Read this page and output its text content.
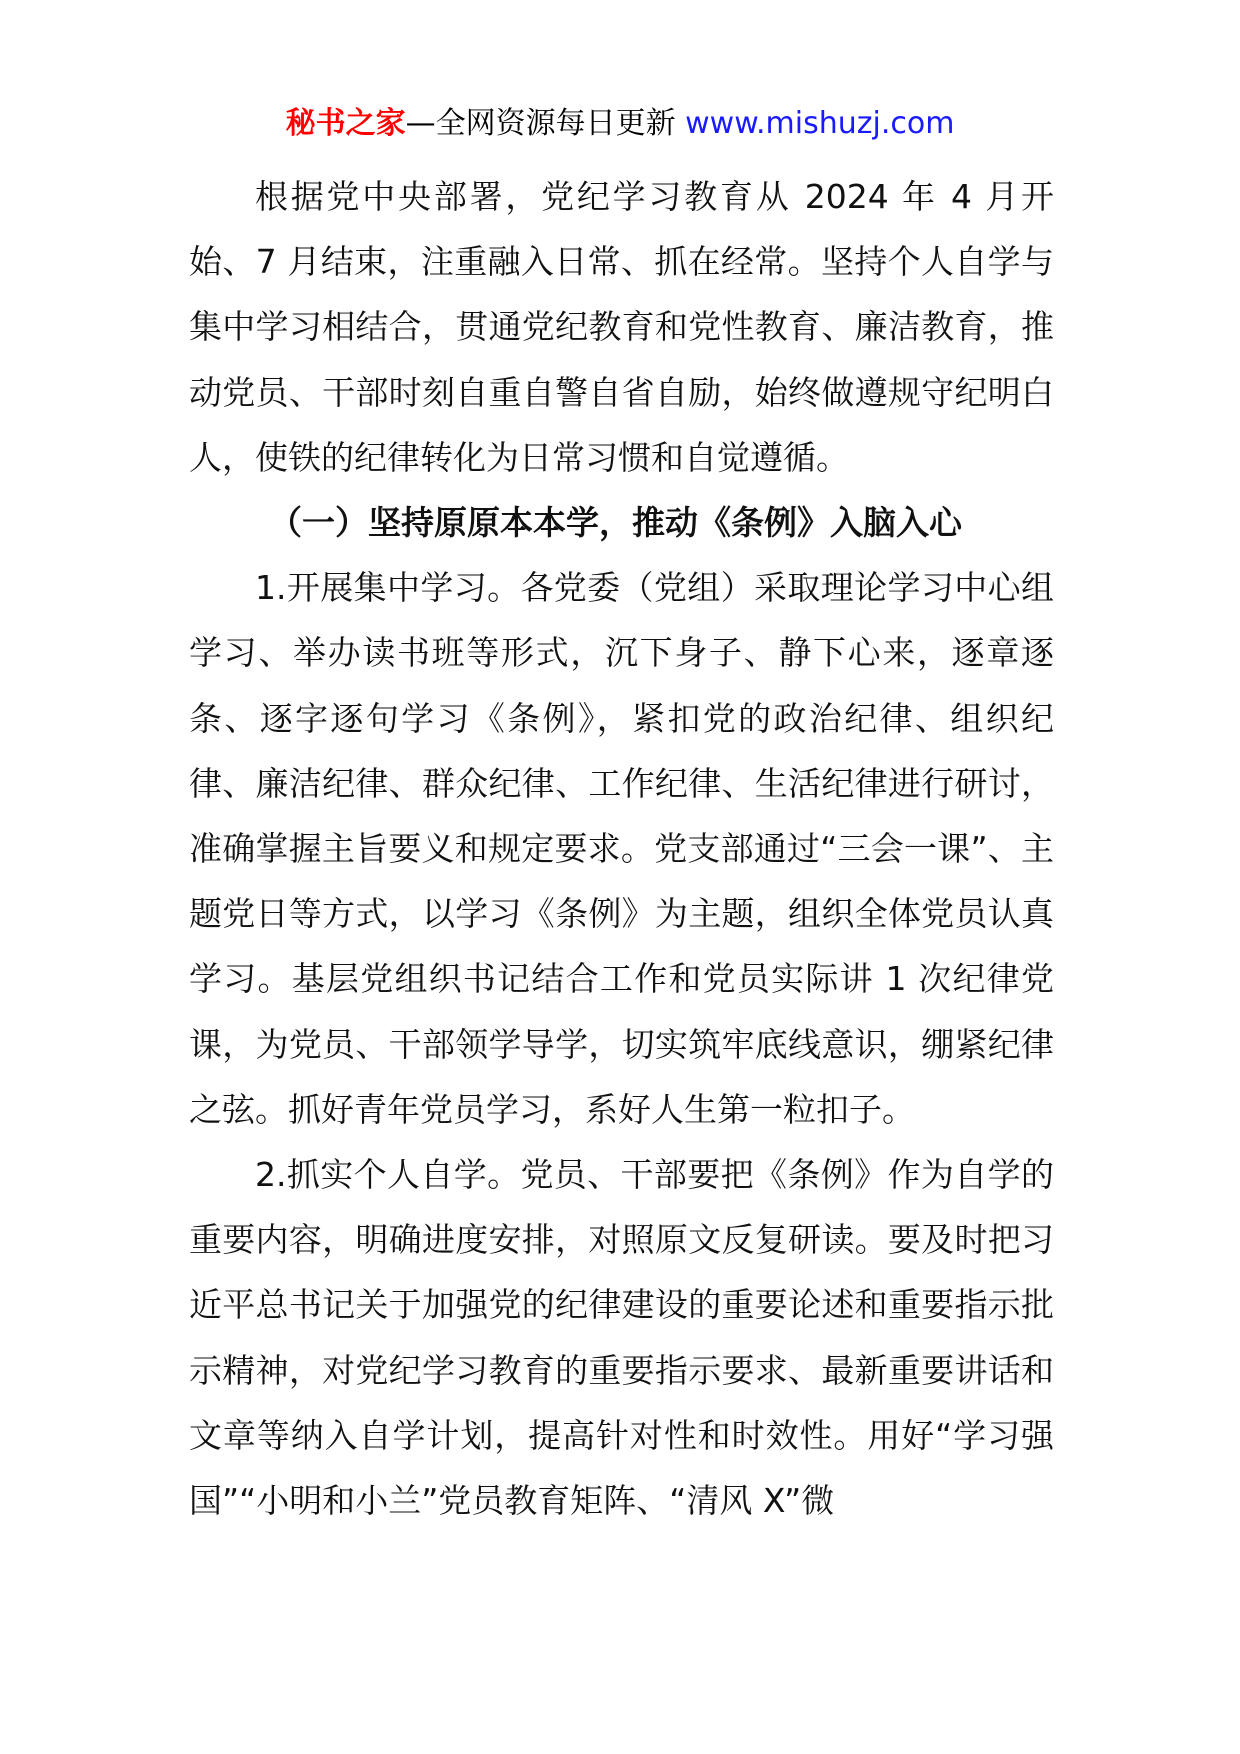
秘书之家—全网资源每日更新 www.mishuzj.com

根据党中央部署，党纪学习教育从 2024 年 4 月开始、7 月结束，注重融入日常、抓在经常。坚持个人自学与集中学习相结合，贯通党纪教育和党性教育、廉洁教育，推动党员、干部时刻自重自警自省自励，始终做遵规守纪明白人，使铁的纪律转化为日常习惯和自觉遵循。

（一）坚持原原本本学，推动《条例》入脑入心

1.开展集中学习。各党委（党组）采取理论学习中心组学习、举办读书班等形式，沉下身子、静下心来，逐章逐条、逐字逐句学习《条例》，紧扣党的政治纪律、组织纪律、廉洁纪律、群众纪律、工作纪律、生活纪律进行研讨，准确掌握主旨要义和规定要求。党支部通过“三会一课”、主题党日等方式，以学习《条例》为主题，组织全体党员认真学习。基层党组织书记结合工作和党员实际讲 1 次纪律党课，为党员、干部领学导学，切实筑牢底线意识，绷紧纪律之弦。抓好青年党员学习，系好人生第一粒扣子。

2.抓实个人自学。党员、干部要把《条例》作为自学的重要内容，明确进度安排，对照原文反复研读。要及时把习近平总书记关于加强党的纪律建设的重要论述和重要指示批示精神，对党纪学习教育的重要指示要求、最新重要讲话和文章等纳入自学计划，提高针对性和时效性。用好“学习强国”“小明和小兰”党员教育矩阵、“清风 X”微
